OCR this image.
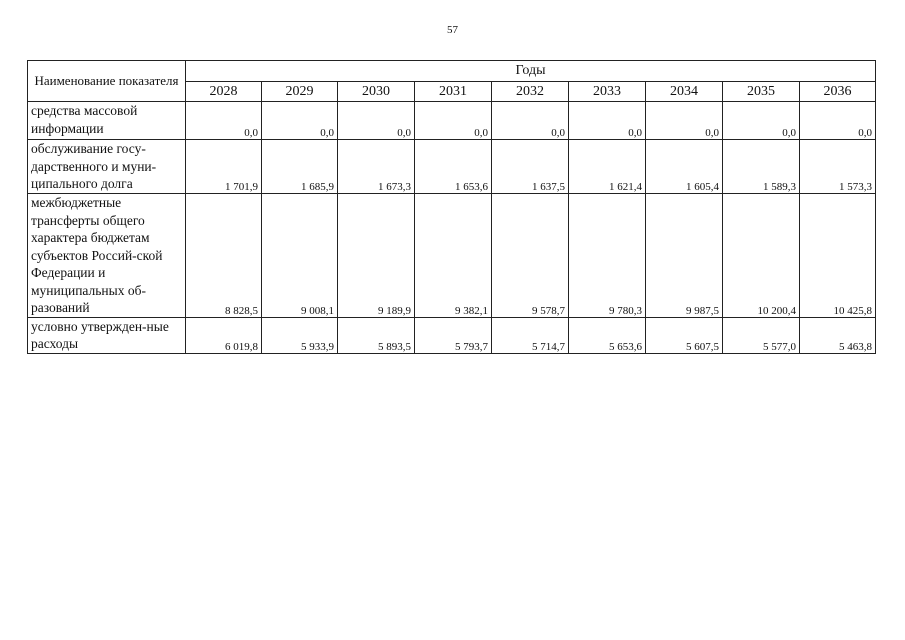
57
Наименование показателя	Годы								
	2028	2029	2030	2031	2032	2033	2034	2035	2036
средства массовой информации	0,0	0,0	0,0	0,0	0,0	0,0	0,0	0,0	0,0
обслуживание госу-дарственного и муни-ципального долга	1 701,9	1 685,9	1 673,3	1 653,6	1 637,5	1 621,4	1 605,4	1 589,3	1 573,3
межбюджетные трансферты общего характера бюджетам субъектов Россий-ской Федерации и муниципальных об-разований	8 828,5	9 008,1	9 189,9	9 382,1	9 578,7	9 780,3	9 987,5	10 200,4	10 425,8
условно утвержден-ные расходы	6 019,8	5 933,9	5 893,5	5 793,7	5 714,7	5 653,6	5 607,5	5 577,0	5 463,8
